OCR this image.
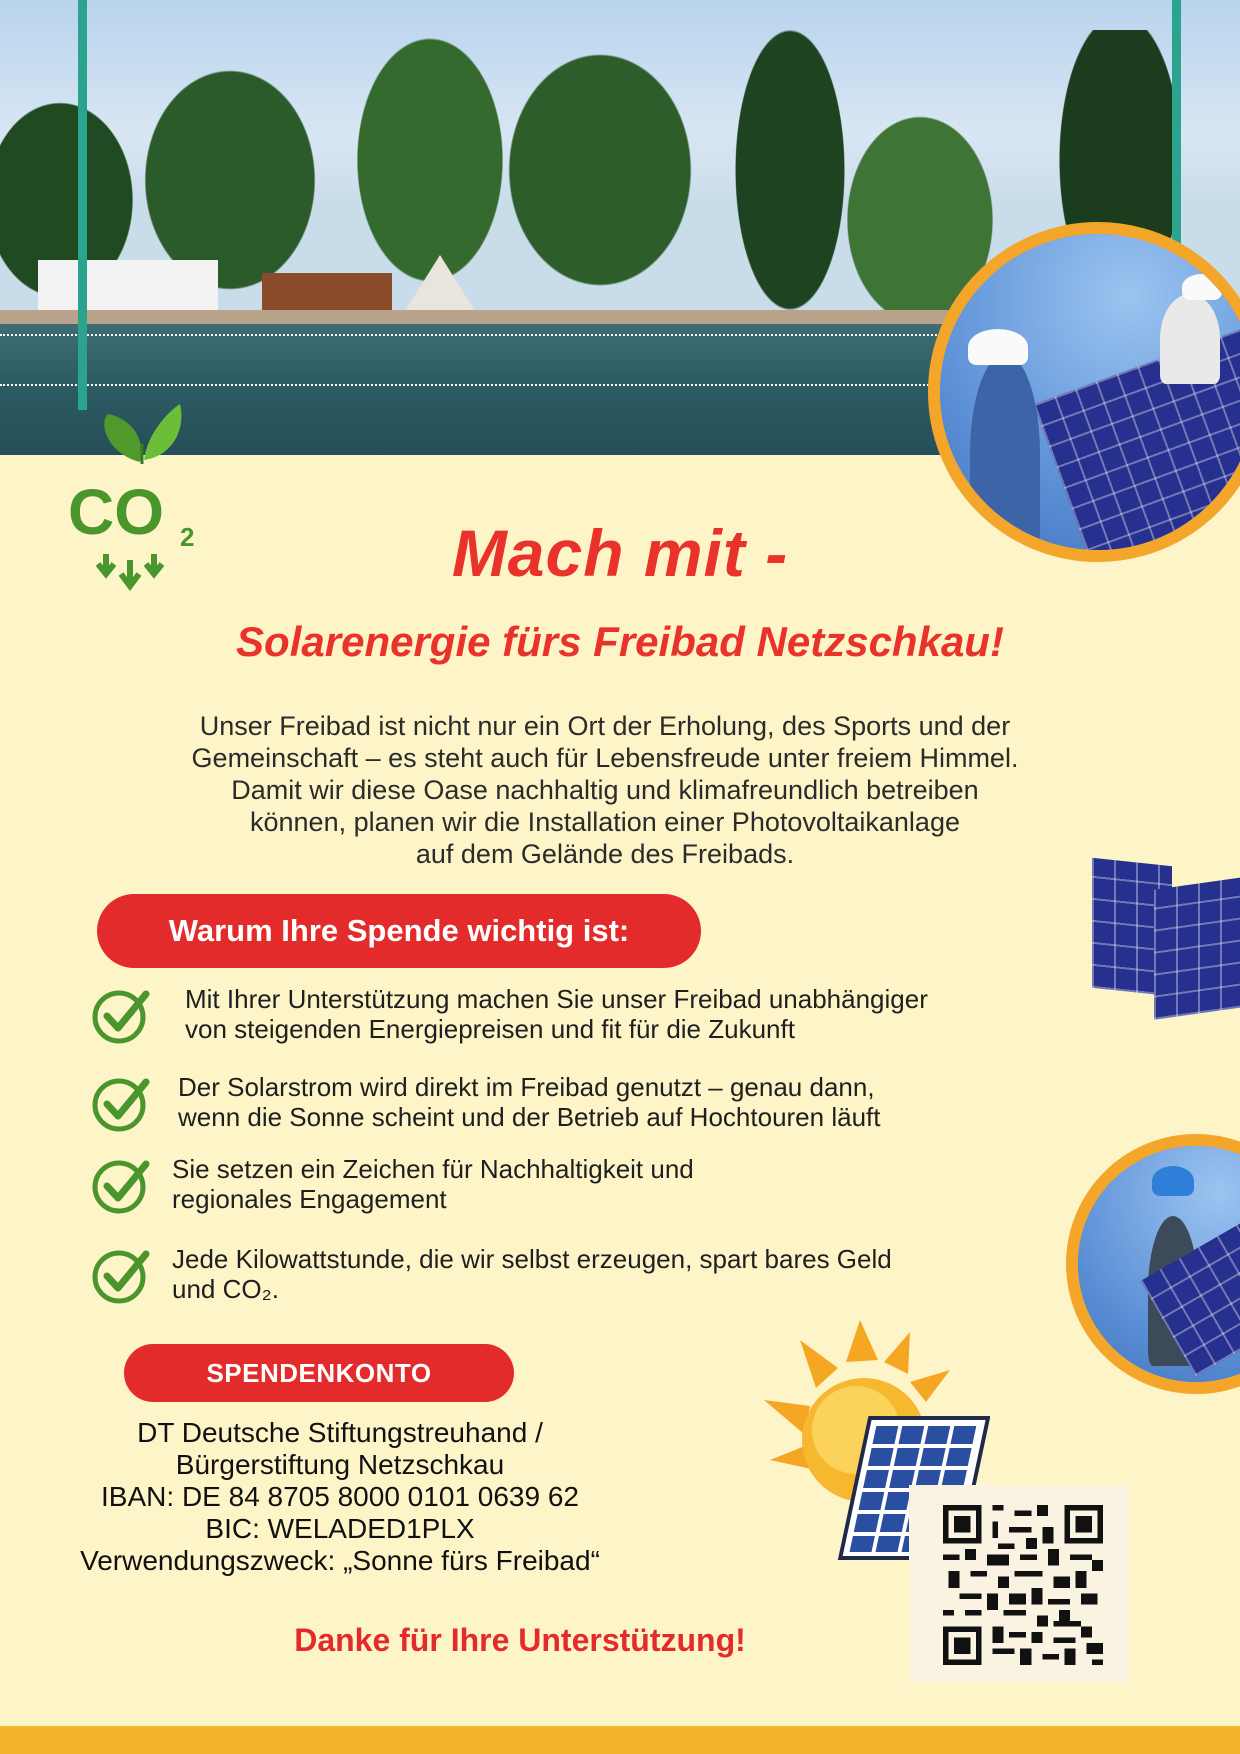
CO 2	Mach mit -
Solarenergie fürs Freibad Netzschkau!
Unser Freibad ist nicht nur ein Ort der Erholung, des Sports und der
Gemeinschaft – es steht auch für Lebensfreude unter freiem Himmel.
Damit wir diese Oase nachhaltig und klimafreundlich betreiben
können, planen wir die Installation einer Photovoltaikanlage
auf dem Gelände des Freibads.
Warum Ihre Spende wichtig ist:
Mit Ihrer Unterstützung machen Sie unser Freibad unabhängiger
von steigenden Energiepreisen und fit für die Zukunft
Der Solarstrom wird direkt im Freibad genutzt – genau dann,
wenn die Sonne scheint und der Betrieb auf Hochtouren läuft
Sie setzen ein Zeichen für Nachhaltigkeit und
regionales Engagement
Jede Kilowattstunde, die wir selbst erzeugen, spart bares Geld
und CO₂.
SPENDENKONTO
DT Deutsche Stiftungstreuhand /
Bürgerstiftung Netzschkau
IBAN: DE 84 8705 8000 0101 0639 62
BIC: WELADED1PLX
Verwendungszweck: „Sonne fürs Freibad“
Danke für Ihre Unterstützung!
